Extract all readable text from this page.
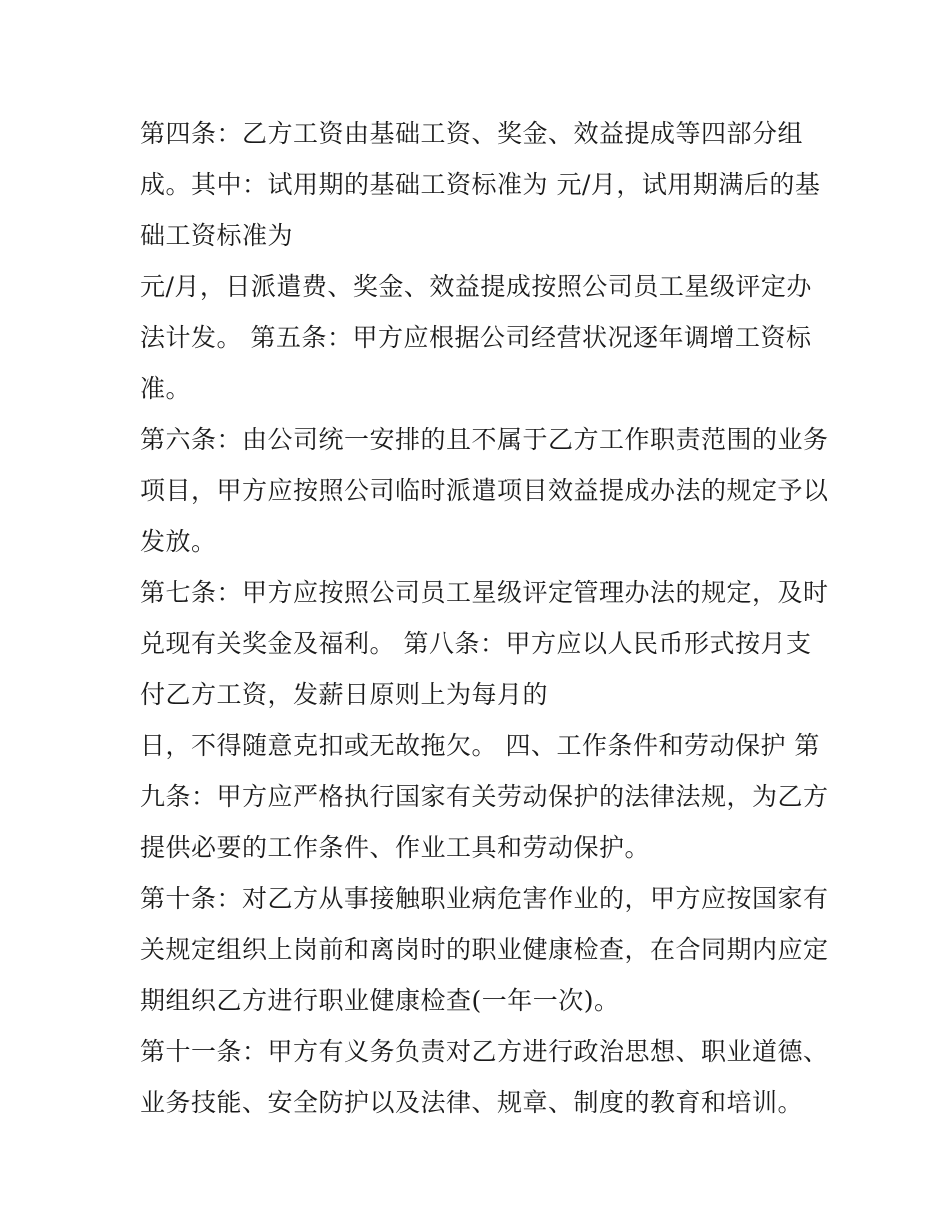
第四条：乙方工资由基础工资、奖金、效益提成等四部分组
成。其中：试用期的基础工资标准为 元/月，试用期满后的基
础工资标准为
元/月，日派遣费、奖金、效益提成按照公司员工星级评定办
法计发。 第五条：甲方应根据公司经营状况逐年调增工资标
准。
第六条：由公司统一安排的且不属于乙方工作职责范围的业务
项目，甲方应按照公司临时派遣项目效益提成办法的规定予以
发放。
第七条：甲方应按照公司员工星级评定管理办法的规定，及时
兑现有关奖金及福利。 第八条：甲方应以人民币形式按月支
付乙方工资，发薪日原则上为每月的
日，不得随意克扣或无故拖欠。 四、工作条件和劳动保护 第
九条：甲方应严格执行国家有关劳动保护的法律法规，为乙方
提供必要的工作条件、作业工具和劳动保护。
第十条：对乙方从事接触职业病危害作业的，甲方应按国家有
关规定组织上岗前和离岗时的职业健康检查，在合同期内应定
期组织乙方进行职业健康检查(一年一次)。
第十一条：甲方有义务负责对乙方进行政治思想、职业道德、
业务技能、安全防护以及法律、规章、制度的教育和培训。
